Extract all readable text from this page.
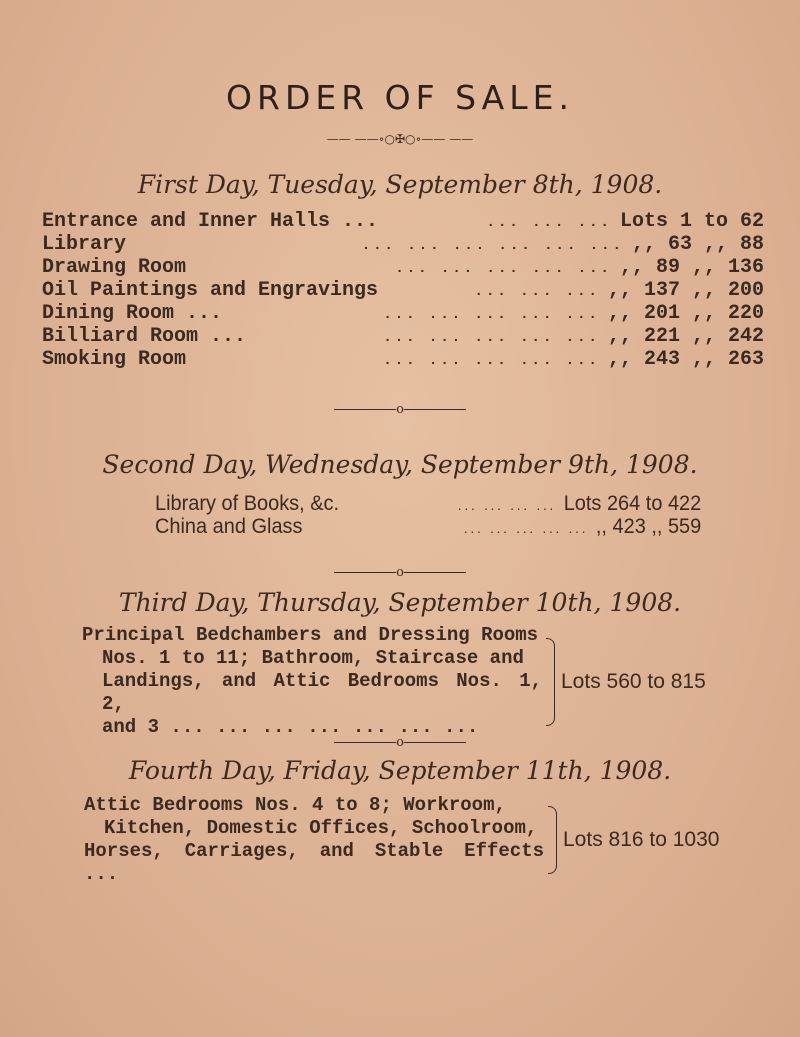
ORDER OF SALE.
—— ——∘○✠○∘—— ——
First Day, Tuesday, September 8th, 1908.
Entrance and Inner Halls ...	... ... ... Lots 1 to 62
Library	... ... ... ... ... ... ,, 63 ,, 88
Drawing Room	... ... ... ... ... ,, 89 ,, 136
Oil Paintings and Engravings	... ... ... ,, 137 ,, 200
Dining Room ...	... ... ... ... ... ,, 201 ,, 220
Billiard Room ...	... ... ... ... ... ,, 221 ,, 242
Smoking Room	... ... ... ... ... ,, 243 ,, 263
o
Second Day, Wednesday, September 9th, 1908.
Library of Books, &c.	... ... ... ... Lots 264 to 422
China and Glass	... ... ... ... ... ,, 423 ,, 559
o
Third Day, Thursday, September 10th, 1908.
Principal Bedchambers and Dressing Rooms
Nos. 1 to 11; Bathroom, Staircase and
Landings, and Attic Bedrooms Nos. 1, 2,
and 3 ... ... ... ... ... ... ...
Lots 560 to 815
o
Fourth Day, Friday, September 11th, 1908.
Attic Bedrooms Nos. 4 to 8; Workroom,
Kitchen, Domestic Offices, Schoolroom,
Horses, Carriages, and Stable Effects ...
Lots 816 to 1030
